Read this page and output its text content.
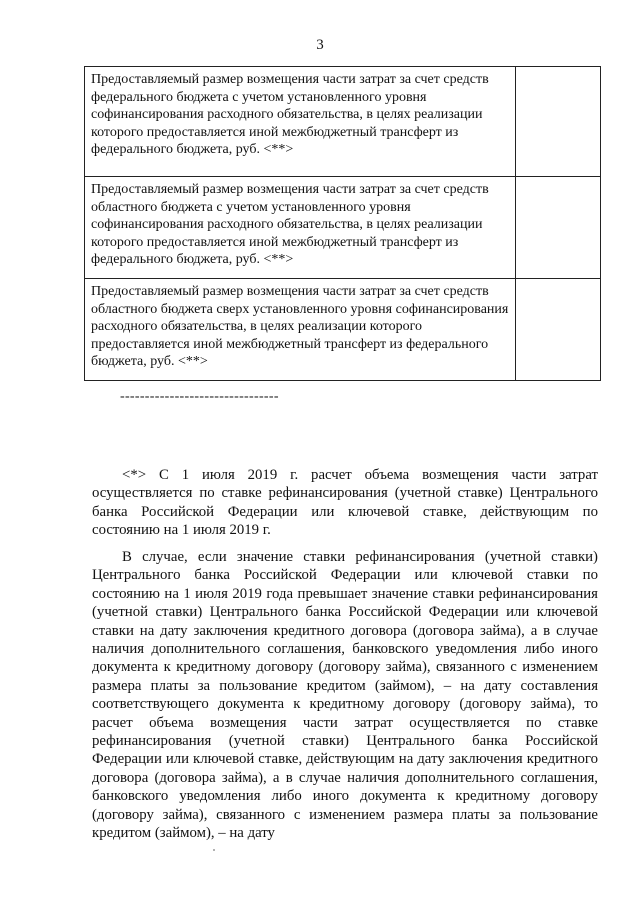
3
Предоставляемый размер возмещения части затрат за счет средств федерального бюджета с учетом установленного уровня софинансирования расходного обязательства, в целях реализации которого предоставляется иной межбюджетный трансферт из федерального бюджета, руб. <**>	
Предоставляемый размер возмещения части затрат за счет средств областного бюджета с учетом установленного уровня софинансирования расходного обязательства, в целях реализации которого предоставляется иной межбюджетный трансферт из федерального бюджета, руб. <**>	
Предоставляемый размер возмещения части затрат за счет средств областного бюджета сверх установленного уровня софинансирования расходного обязательства, в целях реализации которого предоставляется иной межбюджетный трансферт из федерального бюджета, руб. <**>	
--------------------------------

<*> С 1 июля 2019 г. расчет объема возмещения части затрат осуществляется по ставке рефинансирования (учетной ставке) Центрального банка Российской Федерации или ключевой ставке, действующим по состоянию на 1 июля 2019 г.

В случае, если значение ставки рефинансирования (учетной ставки) Центрального банка Российской Федерации или ключевой ставки по состоянию на 1 июля 2019 года превышает значение ставки рефинансирования (учетной ставки) Центрального банка Российской Федерации или ключевой ставки на дату заключения кредитного договора (договора займа), а в случае наличия дополнительного соглашения, банковского уведомления либо иного документа к кредитному договору (договору займа), связанного с изменением размера платы за пользование кредитом (займом), – на дату составления соответствующего документа к кредитному договору (договору займа), то расчет объема возмещения части затрат осуществляется по ставке рефинансирования (учетной ставки) Центрального банка Российской Федерации или ключевой ставке, действующим на дату заключения кредитного договора (договора займа), а в случае наличия дополнительного соглашения, банковского уведомления либо иного документа к кредитному договору (договору займа), связанного с изменением размера платы за пользование кредитом (займом), – на дату
